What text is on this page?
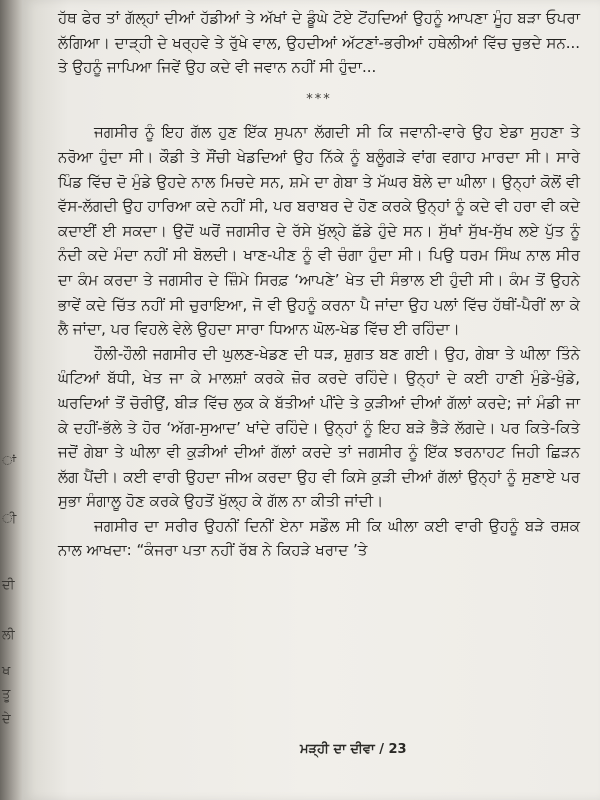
ਾਂ
ੀ
ਦੀ
ਲੀ
ਖ
ਤੂ
ਦੇ

ਹੱਥ ਫੇਰ ਤਾਂ ਗੱਲ੍ਹਾਂ ਦੀਆਂ ਹੱਡੀਆਂ ਤੇ ਅੱਖਾਂ ਦੇ ਡੂੰਘੇ ਟੋਏ ਟੋਂਹਦਿਆਂ ਉਹਨੂੰ ਆਪਣਾ ਮੂੰਹ ਬੜਾ ਓਪਰਾ ਲੱਗਿਆ। ਦਾੜ੍ਹੀ ਦੇ ਖਰ੍ਹਵੇ ਤੇ ਰੁੱਖੇ ਵਾਲ, ਉਹਦੀਆਂ ਅੱਟਣਾਂ-ਭਰੀਆਂ ਹਥੇਲੀਆਂ ਵਿੱਚ ਚੁਭਦੇ ਸਨ... ਤੇ ਉਹਨੂੰ ਜਾਪਿਆ ਜਿਵੇਂ ਉਹ ਕਦੇ ਵੀ ਜਵਾਨ ਨਹੀਂ ਸੀ ਹੁੰਦਾ...

***

ਜਗਸੀਰ ਨੂੰ ਇਹ ਗੱਲ ਹੁਣ ਇੱਕ ਸੁਪਨਾ ਲੱਗਦੀ ਸੀ ਕਿ ਜਵਾਨੀ-ਵਾਰੇ ਉਹ ਏਡਾ ਸੁਹਣਾ ਤੇ ਨਰੋਆ ਹੁੰਦਾ ਸੀ। ਕੌਡੀ ਤੇ ਸੌਂਚੀ ਖੇਡਦਿਆਂ ਉਹ ਨਿੱਕੇ ਨੂੰ ਬਲੂੰਗੜੇ ਵਾਂਗ ਵਗਾਹ ਮਾਰਦਾ ਸੀ। ਸਾਰੇ ਪਿੰਡ ਵਿੱਚ ਦੋ ਮੁੰਡੇ ਉਹਦੇ ਨਾਲ ਮਿਚਦੇ ਸਨ, ਸ਼ਮੇ ਦਾ ਗੇਬਾ ਤੇ ਮੱਘਰ ਬੋਲੇ ਦਾ ਘੀਲਾ। ਉਨ੍ਹਾਂ ਕੋਲੋਂ ਵੀ ਵੱਸ-ਲੱਗਦੀ ਉਹ ਹਾਰਿਆ ਕਦੇ ਨਹੀਂ ਸੀ, ਪਰ ਬਰਾਬਰ ਦੇ ਹੋਣ ਕਰਕੇ ਉਨ੍ਹਾਂ ਨੂੰ ਕਦੇ ਵੀ ਹਰਾ ਵੀ ਕਦੇ ਕਦਾਈਂ ਈ ਸਕਦਾ। ਉਦੋਂ ਘਰੋਂ ਜਗਸੀਰ ਦੇ ਰੱਸੇ ਖੁੱਲ੍ਹੇ ਛੱਡੇ ਹੁੰਦੇ ਸਨ। ਸੁੱਖਾਂ ਸੁੱਖ-ਸੁੱਖ ਲਏ ਪੁੱਤ ਨੂੰ ਨੰਦੀ ਕਦੇ ਮੰਦਾ ਨਹੀਂ ਸੀ ਬੋਲਦੀ। ਖਾਣ-ਪੀਣ ਨੂੰ ਵੀ ਚੰਗਾ ਹੁੰਦਾ ਸੀ। ਪਿਉ ਧਰਮ ਸਿੰਘ ਨਾਲ ਸੀਰ ਦਾ ਕੰਮ ਕਰਦਾ ਤੇ ਜਗਸੀਰ ਦੇ ਜ਼ਿੰਮੇ ਸਿਰਫ਼ ‘ਆਪਣੇ’ ਖੇਤ ਦੀ ਸੰਭਾਲ ਈ ਹੁੰਦੀ ਸੀ। ਕੰਮ ਤੋਂ ਉਹਨੇ ਭਾਵੇਂ ਕਦੇ ਚਿੱਤ ਨਹੀਂ ਸੀ ਚੁਰਾਇਆ, ਜੋ ਵੀ ਉਹਨੂੰ ਕਰਨਾ ਪੈ ਜਾਂਦਾ ਉਹ ਪਲਾਂ ਵਿੱਚ ਹੱਥੀਂ-ਪੈਰੀਂ ਲਾ ਕੇ ਲੈ ਜਾਂਦਾ, ਪਰ ਵਿਹਲੇ ਵੇਲੇ ਉਹਦਾ ਸਾਰਾ ਧਿਆਨ ਘੋਲ-ਖੇਡ ਵਿੱਚ ਈ ਰਹਿੰਦਾ।

ਹੌਲੀ-ਹੌਲੀ ਜਗਸੀਰ ਦੀ ਘੁਲਣ-ਖੇਡਣ ਦੀ ਧੜ, ਸ਼ੁਗਤ ਬਣ ਗਈ। ਉਹ, ਗੇਬਾ ਤੇ ਘੀਲਾ ਤਿੰਨੇ ਘੰਟਿਆਂ ਬੱਧੀ, ਖੇਤ ਜਾ ਕੇ ਮਾਲਸ਼ਾਂ ਕਰਕੇ ਜ਼ੋਰ ਕਰਦੇ ਰਹਿੰਦੇ। ਉਨ੍ਹਾਂ ਦੇ ਕਈ ਹਾਣੀ ਮੁੰਡੇ-ਖੁੰਡੇ, ਘਰਦਿਆਂ ਤੋਂ ਚੋਰੀਉਂ, ਬੀੜ ਵਿੱਚ ਲੁਕ ਕੇ ਬੱਤੀਆਂ ਪੀਂਦੇ ਤੇ ਕੁੜੀਆਂ ਦੀਆਂ ਗੱਲਾਂ ਕਰਦੇ; ਜਾਂ ਮੰਡੀ ਜਾ ਕੇ ਦਹੀਂ-ਭੱਲੇ ਤੇ ਹੋਰ ‘ਅੱਗ-ਸੁਆਦ’ ਖਾਂਦੇ ਰਹਿੰਦੇ। ਉਨ੍ਹਾਂ ਨੂੰ ਇਹ ਬੜੇ ਭੈੜੇ ਲੱਗਦੇ। ਪਰ ਕਿਤੇ-ਕਿਤੇ ਜਦੋਂ ਗੇਬਾ ਤੇ ਘੀਲਾ ਵੀ ਕੁੜੀਆਂ ਦੀਆਂ ਗੱਲਾਂ ਕਰਦੇ ਤਾਂ ਜਗਸੀਰ ਨੂੰ ਇੱਕ ਝਰਨਾਹਟ ਜਿਹੀ ਛਿੜਨ ਲੱਗ ਪੈਂਦੀ। ਕਈ ਵਾਰੀ ਉਹਦਾ ਜੀਅ ਕਰਦਾ ਉਹ ਵੀ ਕਿਸੇ ਕੁੜੀ ਦੀਆਂ ਗੱਲਾਂ ਉਨ੍ਹਾਂ ਨੂੰ ਸੁਣਾਏ ਪਰ ਸੁਭਾ ਸੰਗਾਲੂ ਹੋਣ ਕਰਕੇ ਉਹਤੋਂ ਖੁੱਲ੍ਹ ਕੇ ਗੱਲ ਨਾ ਕੀਤੀ ਜਾਂਦੀ।

ਜਗਸੀਰ ਦਾ ਸਰੀਰ ਉਹਨੀਂ ਦਿਨੀਂ ਏਨਾ ਸਡੌਲ ਸੀ ਕਿ ਘੀਲਾ ਕਈ ਵਾਰੀ ਉਹਨੂੰ ਬੜੇ ਰਸ਼ਕ ਨਾਲ ਆਖਦਾ: “ਕੰਜਰਾ ਪਤਾ ਨਹੀਂ ਰੱਬ ਨੇ ਕਿਹੜੇ ਖਰਾਦ ’ਤੇ

ਮੜ੍ਹੀ ਦਾ ਦੀਵਾ / 23
